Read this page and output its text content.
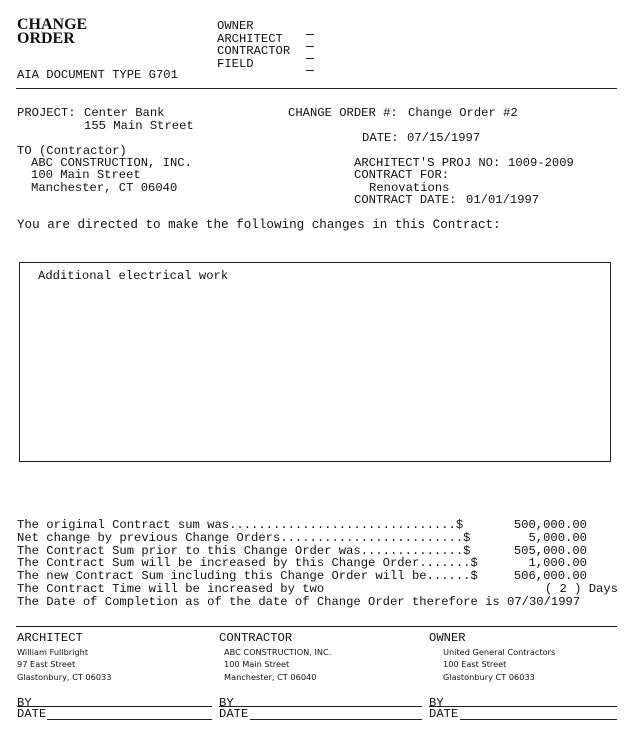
CHANGE
ORDER
AIA DOCUMENT TYPE G701
OWNER
ARCHITECT
CONTRACTOR
FIELD
PROJECT: Center Bank
155 Main Street
CHANGE ORDER #: Change Order #2
DATE: 07/15/1997
TO (Contractor)
ABC CONSTRUCTION, INC.
100 Main Street
Manchester, CT 06040
ARCHITECT'S PROJ NO: 1009-2009
CONTRACT FOR:
Renovations
CONTRACT DATE: 01/01/1997
You are directed to make the following changes in this Contract:
Additional electrical work
The original Contract sum was...............................$
Net change by previous Change Orders.........................$
The Contract Sum prior to this Change Order was..............$
The Contract Sum will be increased by this Change Order.......$
The new Contract Sum including this Change Order will be......$
500,000.00
5,000.00
505,000.00
1,000.00
506,000.00
The Contract Time will be increased by two	( 2 ) Days
The Date of Completion as of the date of Change Order therefore is 07/30/1997
ARCHITECT
William Fullbright
97 East Street
Glastonbury, CT 06033
CONTRACTOR
ABC CONSTRUCTION, INC.
100 Main Street
Manchester, CT 06040
OWNER
United General Contractors
100 East Street
Glastonbury CT 06033
BY
DATE
BY
DATE
BY
DATE
